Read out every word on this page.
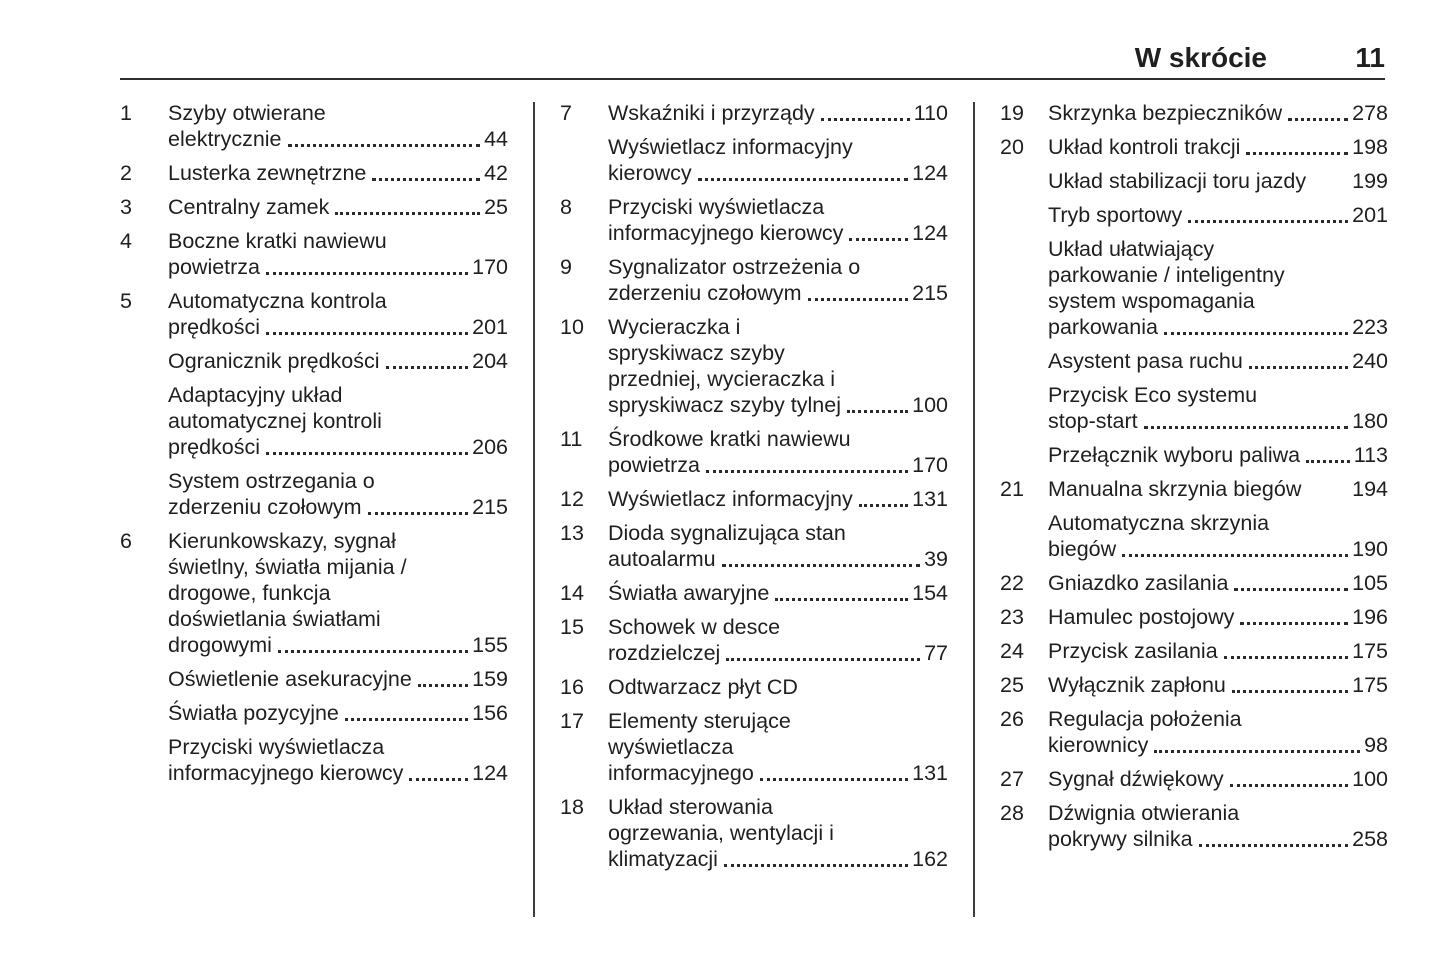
W skrócie	11
1	Szyby otwierane
elektrycznie	44
2	Lusterka zewnętrzne	42
3	Centralny zamek	25
4	Boczne kratki nawiewu
powietrza	170
5	Automatyczna kontrola
prędkości	201
Ogranicznik prędkości	204
Adaptacyjny układ
automatycznej kontroli
prędkości	206
System ostrzegania o
zderzeniu czołowym	215
6	Kierunkowskazy, sygnał
świetlny, światła mijania /
drogowe, funkcja
doświetlania światłami
drogowymi	155
Oświetlenie asekuracyjne	159
Światła pozycyjne	156
Przyciski wyświetlacza
informacyjnego kierowcy	124
7	Wskaźniki i przyrządy	110
Wyświetlacz informacyjny
kierowcy	124
8	Przyciski wyświetlacza
informacyjnego kierowcy	124
9	Sygnalizator ostrzeżenia o
zderzeniu czołowym	215
10	Wycieraczka i
spryskiwacz szyby
przedniej, wycieraczka i
spryskiwacz szyby tylnej	100
11	Środkowe kratki nawiewu
powietrza	170
12	Wyświetlacz informacyjny	131
13	Dioda sygnalizująca stan
autoalarmu	39
14	Światła awaryjne	154
15	Schowek w desce
rozdzielczej	77
16	Odtwarzacz płyt CD
17	Elementy sterujące
wyświetlacza
informacyjnego	131
18	Układ sterowania
ogrzewania, wentylacji i
klimatyzacji	162
19	Skrzynka bezpieczników	278
20	Układ kontroli trakcji	198
Układ stabilizacji toru jazdy 199
Tryb sportowy	201
Układ ułatwiający
parkowanie / inteligentny
system wspomagania
parkowania	223
Asystent pasa ruchu	240
Przycisk Eco systemu
stop-start	180
Przełącznik wyboru paliwa 113
21	Manualna skrzynia biegów 194
Automatyczna skrzynia
biegów	190
22	Gniazdko zasilania	105
23	Hamulec postojowy	196
24	Przycisk zasilania	175
25	Wyłącznik zapłonu	175
26	Regulacja położenia
kierownicy	98
27	Sygnał dźwiękowy	100
28	Dźwignia otwierania
pokrywy silnika	258
